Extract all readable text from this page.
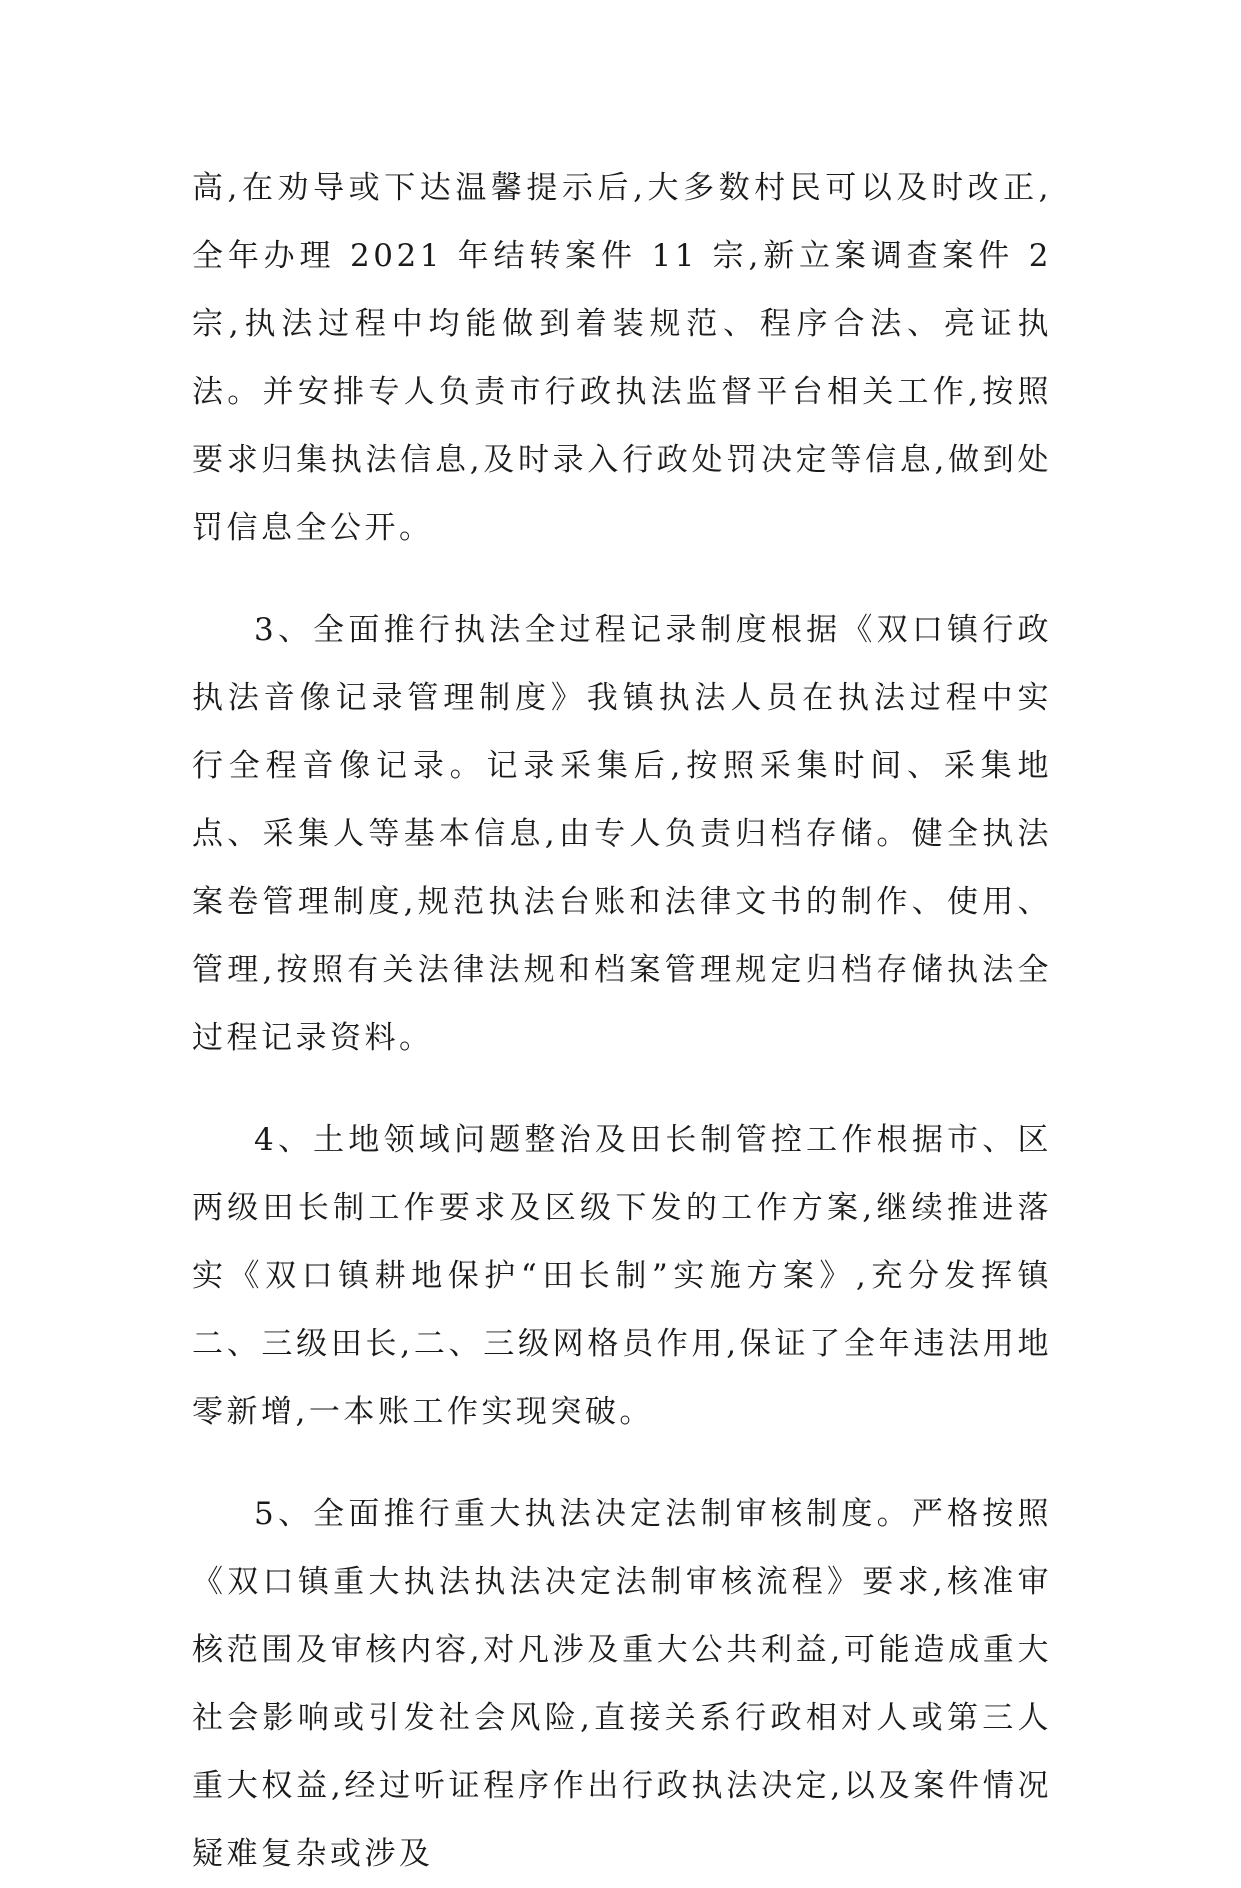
高,在劝导或下达温馨提示后,大多数村民可以及时改正,全年办理 2021 年结转案件 11 宗,新立案调查案件 2 宗,执法过程中均能做到着装规范、程序合法、亮证执法。并安排专人负责市行政执法监督平台相关工作,按照要求归集执法信息,及时录入行政处罚决定等信息,做到处罚信息全公开。

3、全面推行执法全过程记录制度根据《双口镇行政执法音像记录管理制度》我镇执法人员在执法过程中实行全程音像记录。记录采集后,按照采集时间、采集地点、采集人等基本信息,由专人负责归档存储。健全执法案卷管理制度,规范执法台账和法律文书的制作、使用、管理,按照有关法律法规和档案管理规定归档存储执法全过程记录资料。

4、土地领域问题整治及田长制管控工作根据市、区两级田长制工作要求及区级下发的工作方案,继续推进落实《双口镇耕地保护“田长制”实施方案》,充分发挥镇二、三级田长,二、三级网格员作用,保证了全年违法用地零新增,一本账工作实现突破。

5、全面推行重大执法决定法制审核制度。严格按照《双口镇重大执法执法决定法制审核流程》要求,核准审核范围及审核内容,对凡涉及重大公共利益,可能造成重大社会影响或引发社会风险,直接关系行政相对人或第三人重大权益,经过听证程序作出行政执法决定,以及案件情况疑难复杂或涉及
